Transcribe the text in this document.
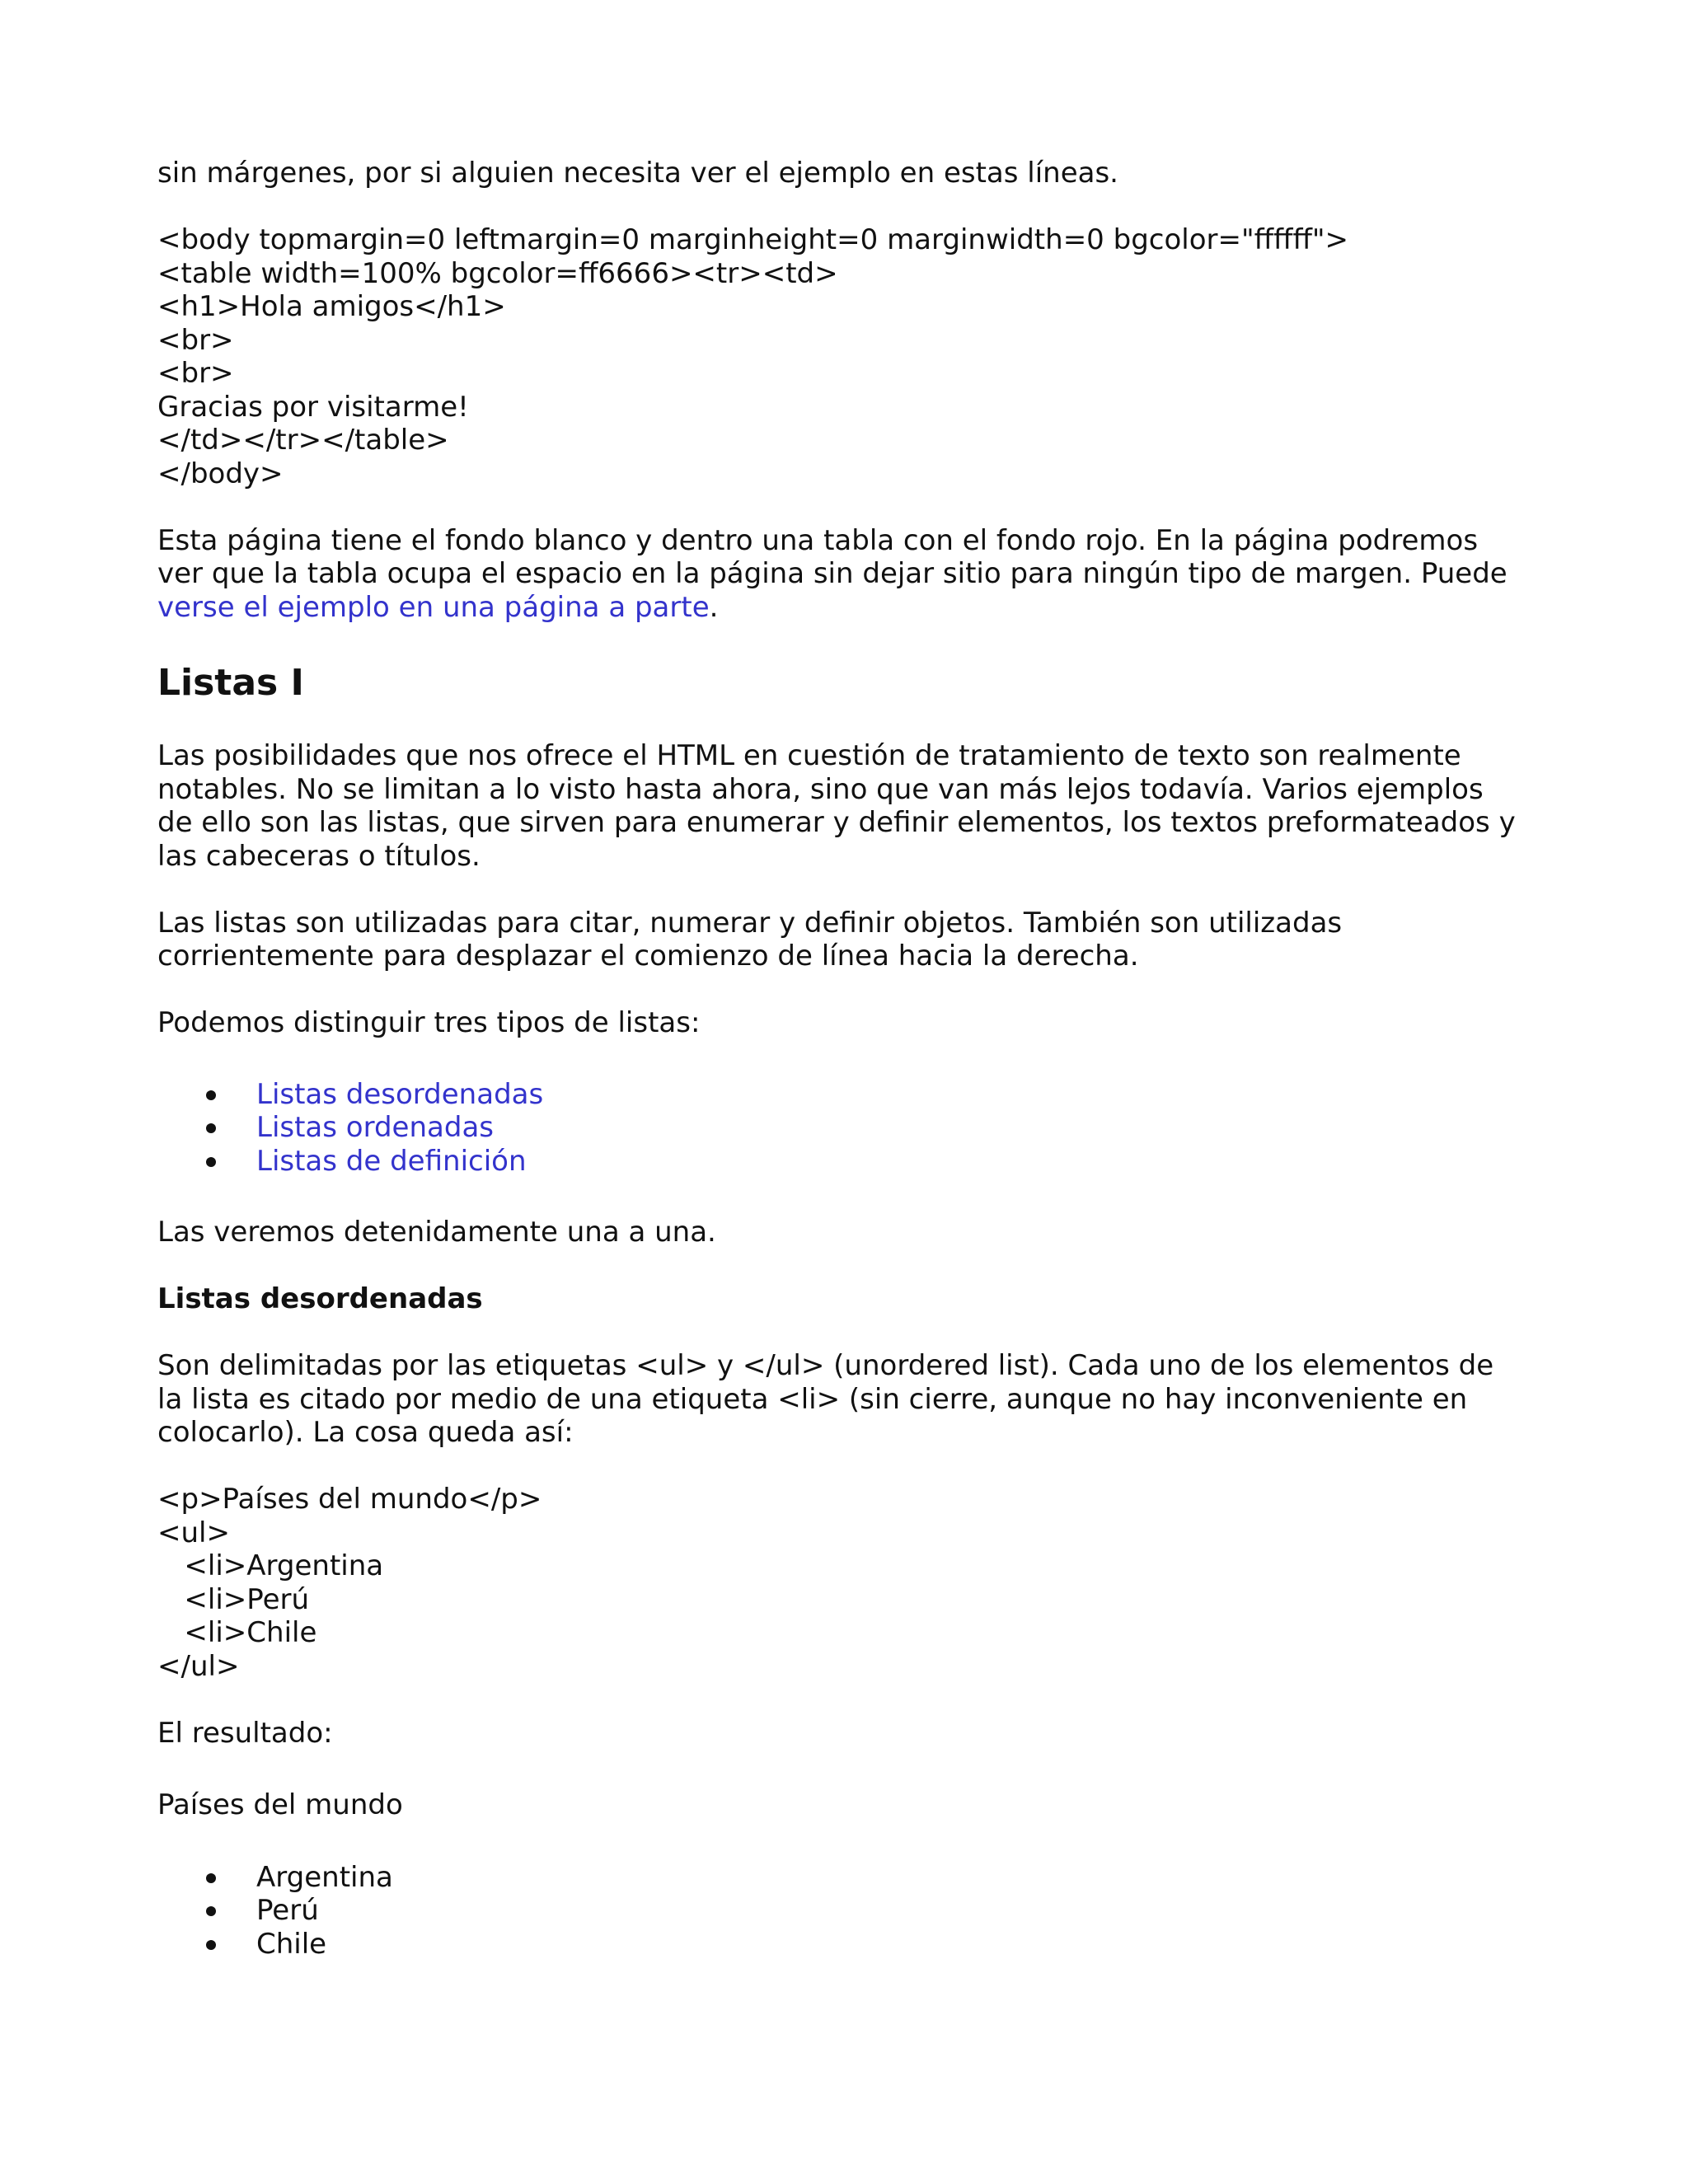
sin márgenes, por si alguien necesita ver el ejemplo en estas líneas.

<body topmargin=0 leftmargin=0 marginheight=0 marginwidth=0 bgcolor="ffffff">
<table width=100% bgcolor=ff6666><tr><td>
<h1>Hola amigos</h1>
<br>
<br>
Gracias por visitarme!
</td></tr></table>
</body>

Esta página tiene el fondo blanco y dentro una tabla con el fondo rojo. En la página podremos ver que la tabla ocupa el espacio en la página sin dejar sitio para ningún tipo de margen. Puede verse el ejemplo en una página a parte.

Listas I

Las posibilidades que nos ofrece el HTML en cuestión de tratamiento de texto son realmente notables. No se limitan a lo visto hasta ahora, sino que van más lejos todavía. Varios ejemplos de ello son las listas, que sirven para enumerar y definir elementos, los textos preformateados y las cabeceras o títulos.

Las listas son utilizadas para citar, numerar y definir objetos. También son utilizadas corrientemente para desplazar el comienzo de línea hacia la derecha.

Podemos distinguir tres tipos de listas:

Listas desordenadas
Listas ordenadas
Listas de definición

Las veremos detenidamente una a una.

Listas desordenadas

Son delimitadas por las etiquetas <ul> y </ul> (unordered list). Cada uno de los elementos de la lista es citado por medio de una etiqueta <li> (sin cierre, aunque no hay inconveniente en colocarlo). La cosa queda así:

<p>Países del mundo</p>
<ul>
<li>Argentina
<li>Perú
<li>Chile
</ul>

El resultado:

Países del mundo

Argentina
Perú
Chile
